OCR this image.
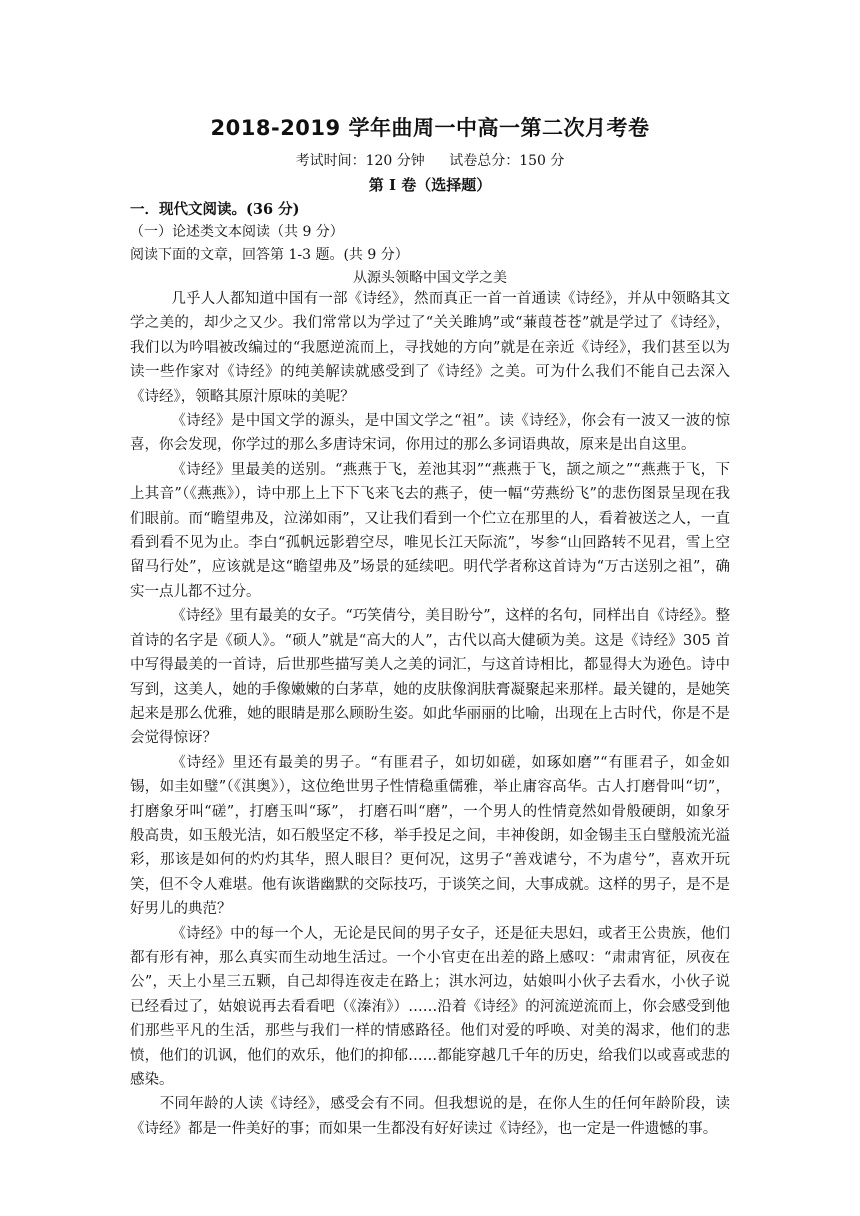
2018-2019 学年曲周一中高一第二次月考卷
考试时间：120 分钟 试卷总分：150 分
第 I 卷（选择题）
一．现代文阅读。(36 分)
（一）论述类文本阅读（共 9 分）
阅读下面的文章，回答第 1-3 题。(共 9 分）
从源头领略中国文学之美

几乎人人都知道中国有一部《诗经》，然而真正一首一首通读《诗经》，并从中领略其文学之美的，却少之又少。我们常常以为学过了“关关雎鸠”或“蒹葭苍苍”就是学过了《诗经》，我们以为吟唱被改编过的“我愿逆流而上，寻找她的方向”就是在亲近《诗经》，我们甚至以为读一些作家对《诗经》的纯美解读就感受到了《诗经》之美。可为什么我们不能自己去深入《诗经》，领略其原汁原味的美呢？

《诗经》是中国文学的源头，是中国文学之“祖”。读《诗经》，你会有一波又一波的惊喜，你会发现，你学过的那么多唐诗宋词，你用过的那么多词语典故，原来是出自这里。

《诗经》里最美的送别。“燕燕于飞，差池其羽”“燕燕于飞，颉之颃之”“燕燕于飞，下上其音”（《燕燕》），诗中那上上下下飞来飞去的燕子，使一幅“劳燕纷飞”的悲伤图景呈现在我们眼前。而“瞻望弗及，泣涕如雨”，又让我们看到一个伫立在那里的人，看着被送之人，一直看到看不见为止。李白“孤帆远影碧空尽，唯见长江天际流”，岑参“山回路转不见君，雪上空留马行处”，应该就是这“瞻望弗及”场景的延续吧。明代学者称这首诗为“万古送别之祖”，确实一点儿都不过分。

《诗经》里有最美的女子。“巧笑倩兮，美目盼兮”，这样的名句，同样出自《诗经》。整首诗的名字是《硕人》。“硕人”就是“高大的人”，古代以高大健硕为美。这是《诗经》305 首中写得最美的一首诗，后世那些描写美人之美的词汇，与这首诗相比，都显得大为逊色。诗中写到，这美人，她的手像嫩嫩的白茅草，她的皮肤像润肤膏凝聚起来那样。最关键的，是她笑起来是那么优雅，她的眼睛是那么顾盼生姿。如此华丽丽的比喻，出现在上古时代，你是不是会觉得惊讶？

《诗经》里还有最美的男子。“有匪君子，如切如磋，如琢如磨”“有匪君子，如金如锡，如圭如璧”（《淇奥》），这位绝世男子性情稳重儒雅，举止庸容高华。古人打磨骨叫“切”，打磨象牙叫“磋”，打磨玉叫“琢”， 打磨石叫“磨”，一个男人的性情竟然如骨般硬朗，如象牙般高贵，如玉般光洁，如石般坚定不移，举手投足之间，丰神俊朗，如金锡圭玉白璧般流光溢彩，那该是如何的灼灼其华，照人眼目？更何况，这男子“善戏谑兮，不为虐兮”，喜欢开玩笑，但不令人难堪。他有诙谐幽默的交际技巧，于谈笑之间，大事成就。这样的男子，是不是好男儿的典范？

《诗经》中的每一个人，无论是民间的男子女子，还是征夫思妇，或者王公贵族，他们都有形有神，那么真实而生动地生活过。一个小官吏在出差的路上感叹：“肃肃宵征，夙夜在公”，天上小星三五颗，自己却得连夜走在路上；淇水河边，姑娘叫小伙子去看水，小伙子说已经看过了，姑娘说再去看看吧（《溱洧》）……沿着《诗经》的河流逆流而上，你会感受到他们那些平凡的生活，那些与我们一样的情感路径。他们对爱的呼唤、对美的渴求，他们的悲愤，他们的讥讽，他们的欢乐，他们的抑郁……都能穿越几千年的历史，给我们以或喜或悲的感染。

不同年龄的人读《诗经》，感受会有不同。但我想说的是，在你人生的任何年龄阶段，读《诗经》都是一件美好的事；而如果一生都没有好好读过《诗经》，也一定是一件遗憾的事。
